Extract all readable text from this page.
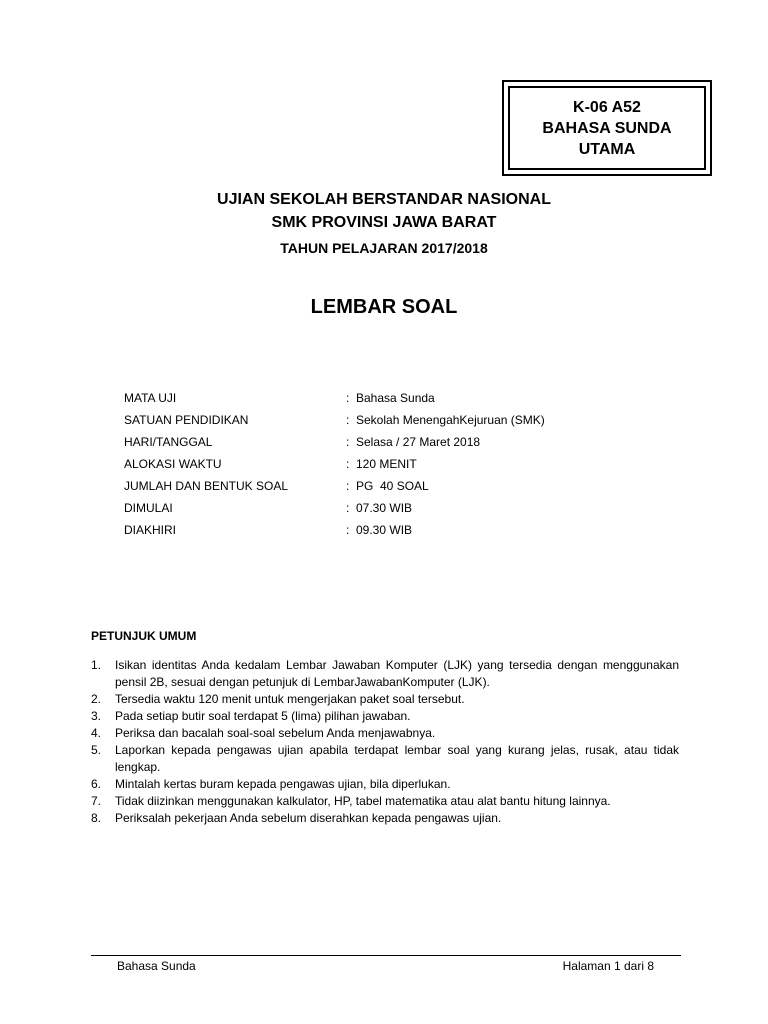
K-06 A52
BAHASA SUNDA
UTAMA
UJIAN SEKOLAH BERSTANDAR NASIONAL
SMK PROVINSI JAWA BARAT
TAHUN PELAJARAN 2017/2018
LEMBAR SOAL
MATA UJI	: Bahasa Sunda
SATUAN PENDIDIKAN	: Sekolah MenengahKejuruan (SMK)
HARI/TANGGAL	: Selasa / 27 Maret 2018
ALOKASI WAKTU	: 120 MENIT
JUMLAH DAN BENTUK SOAL	: PG  40 SOAL
DIMULAI	: 07.30 WIB
DIAKHIRI	: 09.30 WIB
PETUNJUK UMUM
1.	Isikan identitas Anda kedalam Lembar Jawaban Komputer (LJK) yang tersedia dengan menggunakan pensil 2B, sesuai dengan petunjuk di LembarJawabanKomputer (LJK).
2.	Tersedia waktu 120 menit untuk mengerjakan paket soal tersebut.
3.	Pada setiap butir soal terdapat 5 (lima) pilihan jawaban.
4.	Periksa dan bacalah soal-soal sebelum Anda menjawabnya.
5.	Laporkan kepada pengawas ujian apabila terdapat lembar soal yang kurang jelas, rusak, atau tidak lengkap.
6.	Mintalah kertas buram kepada pengawas ujian, bila diperlukan.
7.	Tidak diizinkan menggunakan kalkulator, HP, tabel matematika atau alat bantu hitung lainnya.
8.	Periksalah pekerjaan Anda sebelum diserahkan kepada pengawas ujian.
Bahasa Sunda	Halaman 1 dari 8
